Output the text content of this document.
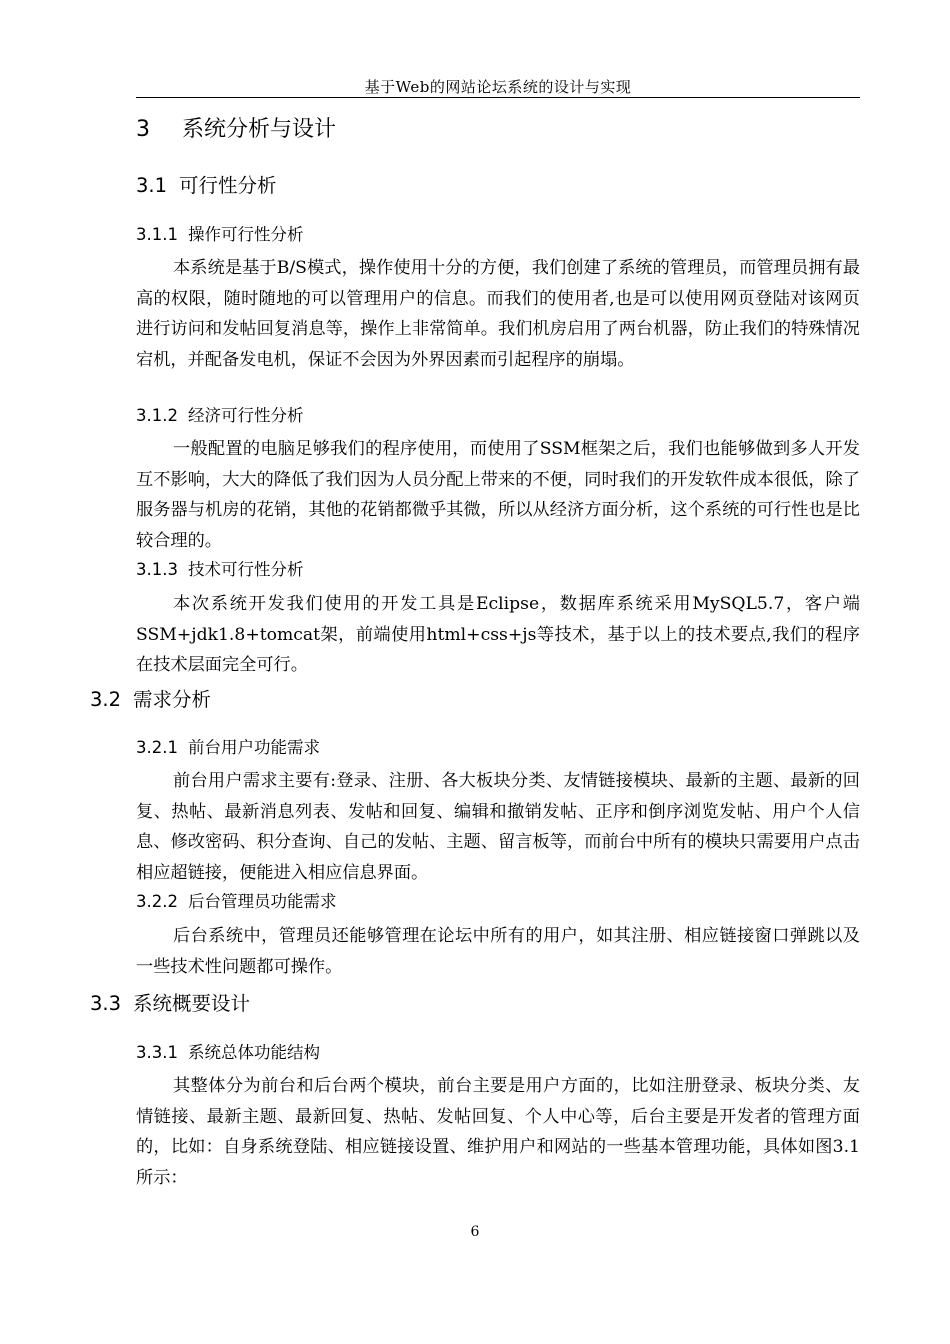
基于Web的网站论坛系统的设计与实现
3 系统分析与设计
3.1 可行性分析
3.1.1 操作可行性分析

本系统是基于B/S模式，操作使用十分的方便，我们创建了系统的管理员，而管理员拥有最高的权限，随时随地的可以管理用户的信息。而我们的使用者,也是可以使用网页登陆对该网页进行访问和发帖回复消息等，操作上非常简单。我们机房启用了两台机器，防止我们的特殊情况宕机，并配备发电机，保证不会因为外界因素而引起程序的崩塌。

3.1.2 经济可行性分析

一般配置的电脑足够我们的程序使用，而使用了SSM框架之后，我们也能够做到多人开发互不影响，大大的降低了我们因为人员分配上带来的不便，同时我们的开发软件成本很低，除了服务器与机房的花销，其他的花销都微乎其微，所以从经济方面分析，这个系统的可行性也是比较合理的。

3.1.3 技术可行性分析

本次系统开发我们使用的开发工具是Eclipse，数据库系统采用MySQL5.7，客户端SSM+jdk1.8+tomcat架，前端使用html+css+js等技术，基于以上的技术要点,我们的程序在技术层面完全可行。

3.2 需求分析
3.2.1 前台用户功能需求

前台用户需求主要有:登录、注册、各大板块分类、友情链接模块、最新的主题、最新的回复、热帖、最新消息列表、发帖和回复、编辑和撤销发帖、正序和倒序浏览发帖、用户个人信息、修改密码、积分查询、自己的发帖、主题、留言板等，而前台中所有的模块只需要用户点击相应超链接，便能进入相应信息界面。

3.2.2 后台管理员功能需求

后台系统中，管理员还能够管理在论坛中所有的用户，如其注册、相应链接窗口弹跳以及一些技术性问题都可操作。

3.3 系统概要设计
3.3.1 系统总体功能结构

其整体分为前台和后台两个模块，前台主要是用户方面的，比如注册登录、板块分类、友情链接、最新主题、最新回复、热帖、发帖回复、个人中心等，后台主要是开发者的管理方面的，比如：自身系统登陆、相应链接设置、维护用户和网站的一些基本管理功能，具体如图3.1所示：

6
